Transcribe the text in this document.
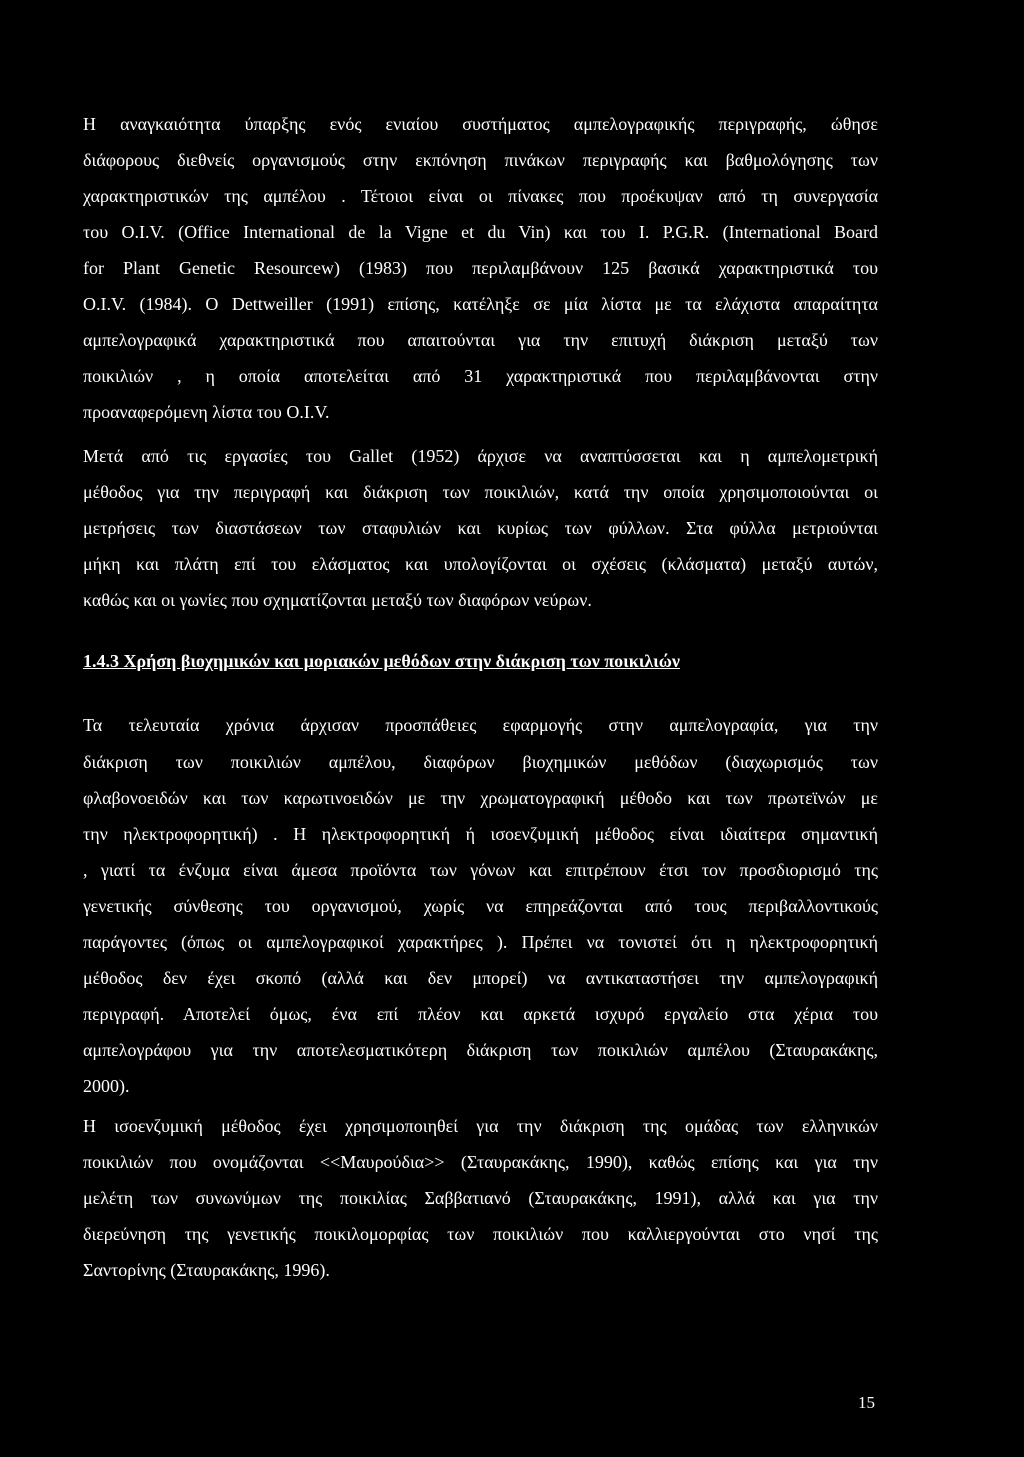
Η αναγκαιότητα ύπαρξης ενός ενιαίου συστήματος αμπελογραφικής περιγραφής, ώθησε
διάφορους διεθνείς οργανισμούς στην εκπόνηση πινάκων περιγραφής και βαθμολόγησης των
χαρακτηριστικών της αμπέλου . Τέτοιοι είναι οι πίνακες που προέκυψαν από τη συνεργασία
του O.I.V. (Office International de la Vigne et du Vin) και του I. P.G.R. (International Board
for Plant Genetic Resourcew) (1983) που περιλαμβάνουν 125 βασικά χαρακτηριστικά του
O.I.V. (1984). O Dettweiller (1991) επίσης, κατέληξε σε μία λίστα με τα ελάχιστα απαραίτητα
αμπελογραφικά χαρακτηριστικά που απαιτούνται για την επιτυχή διάκριση μεταξύ των
ποικιλιών , η οποία αποτελείται από 31 χαρακτηριστικά που περιλαμβάνονται στην
προαναφερόμενη λίστα του O.I.V.
Μετά από τις εργασίες του Gallet (1952) άρχισε να αναπτύσσεται και η αμπελομετρική
μέθοδος για την περιγραφή και διάκριση των ποικιλιών, κατά την οποία χρησιμοποιούνται οι
μετρήσεις των διαστάσεων των σταφυλιών και κυρίως των φύλλων. Στα φύλλα μετριούνται
μήκη και πλάτη επί του ελάσματος και υπολογίζονται οι σχέσεις (κλάσματα) μεταξύ αυτών,
καθώς και οι γωνίες που σχηματίζονται μεταξύ των διαφόρων νεύρων.
1.4.3 Χρήση βιοχημικών και μοριακών μεθόδων στην διάκριση των ποικιλιών
Τα τελευταία χρόνια άρχισαν προσπάθειες εφαρμογής στην αμπελογραφία, για την
διάκριση των ποικιλιών αμπέλου, διαφόρων βιοχημικών μεθόδων (διαχωρισμός των
φλαβονοειδών και των καρωτινοειδών με την χρωματογραφική μέθοδο και των πρωτεϊνών με
την ηλεκτροφορητική) . Η ηλεκτροφορητική ή ισοενζυμική μέθοδος είναι ιδιαίτερα σημαντική
, γιατί τα ένζυμα είναι άμεσα προϊόντα των γόνων και επιτρέπουν έτσι τον προσδιορισμό της
γενετικής σύνθεσης του οργανισμού, χωρίς να επηρεάζονται από τους περιβαλλοντικούς
παράγοντες (όπως οι αμπελογραφικοί χαρακτήρες ). Πρέπει να τονιστεί ότι η ηλεκτροφορητική
μέθοδος δεν έχει σκοπό (αλλά και δεν μπορεί) να αντικαταστήσει την αμπελογραφική
περιγραφή. Αποτελεί όμως, ένα επί πλέον και αρκετά ισχυρό εργαλείο στα χέρια του
αμπελογράφου για την αποτελεσματικότερη διάκριση των ποικιλιών αμπέλου (Σταυρακάκης,
2000).
Η ισοενζυμική μέθοδος έχει χρησιμοποιηθεί για την διάκριση της ομάδας των ελληνικών
ποικιλιών που ονομάζονται <<Μαυρούδια>> (Σταυρακάκης, 1990), καθώς επίσης και για την
μελέτη των συνωνύμων της ποικιλίας Σαββατιανό (Σταυρακάκης, 1991), αλλά και για την
διερεύνηση της γενετικής ποικιλομορφίας των ποικιλιών που καλλιεργούνται στο νησί της
Σαντορίνης (Σταυρακάκης, 1996).
15
